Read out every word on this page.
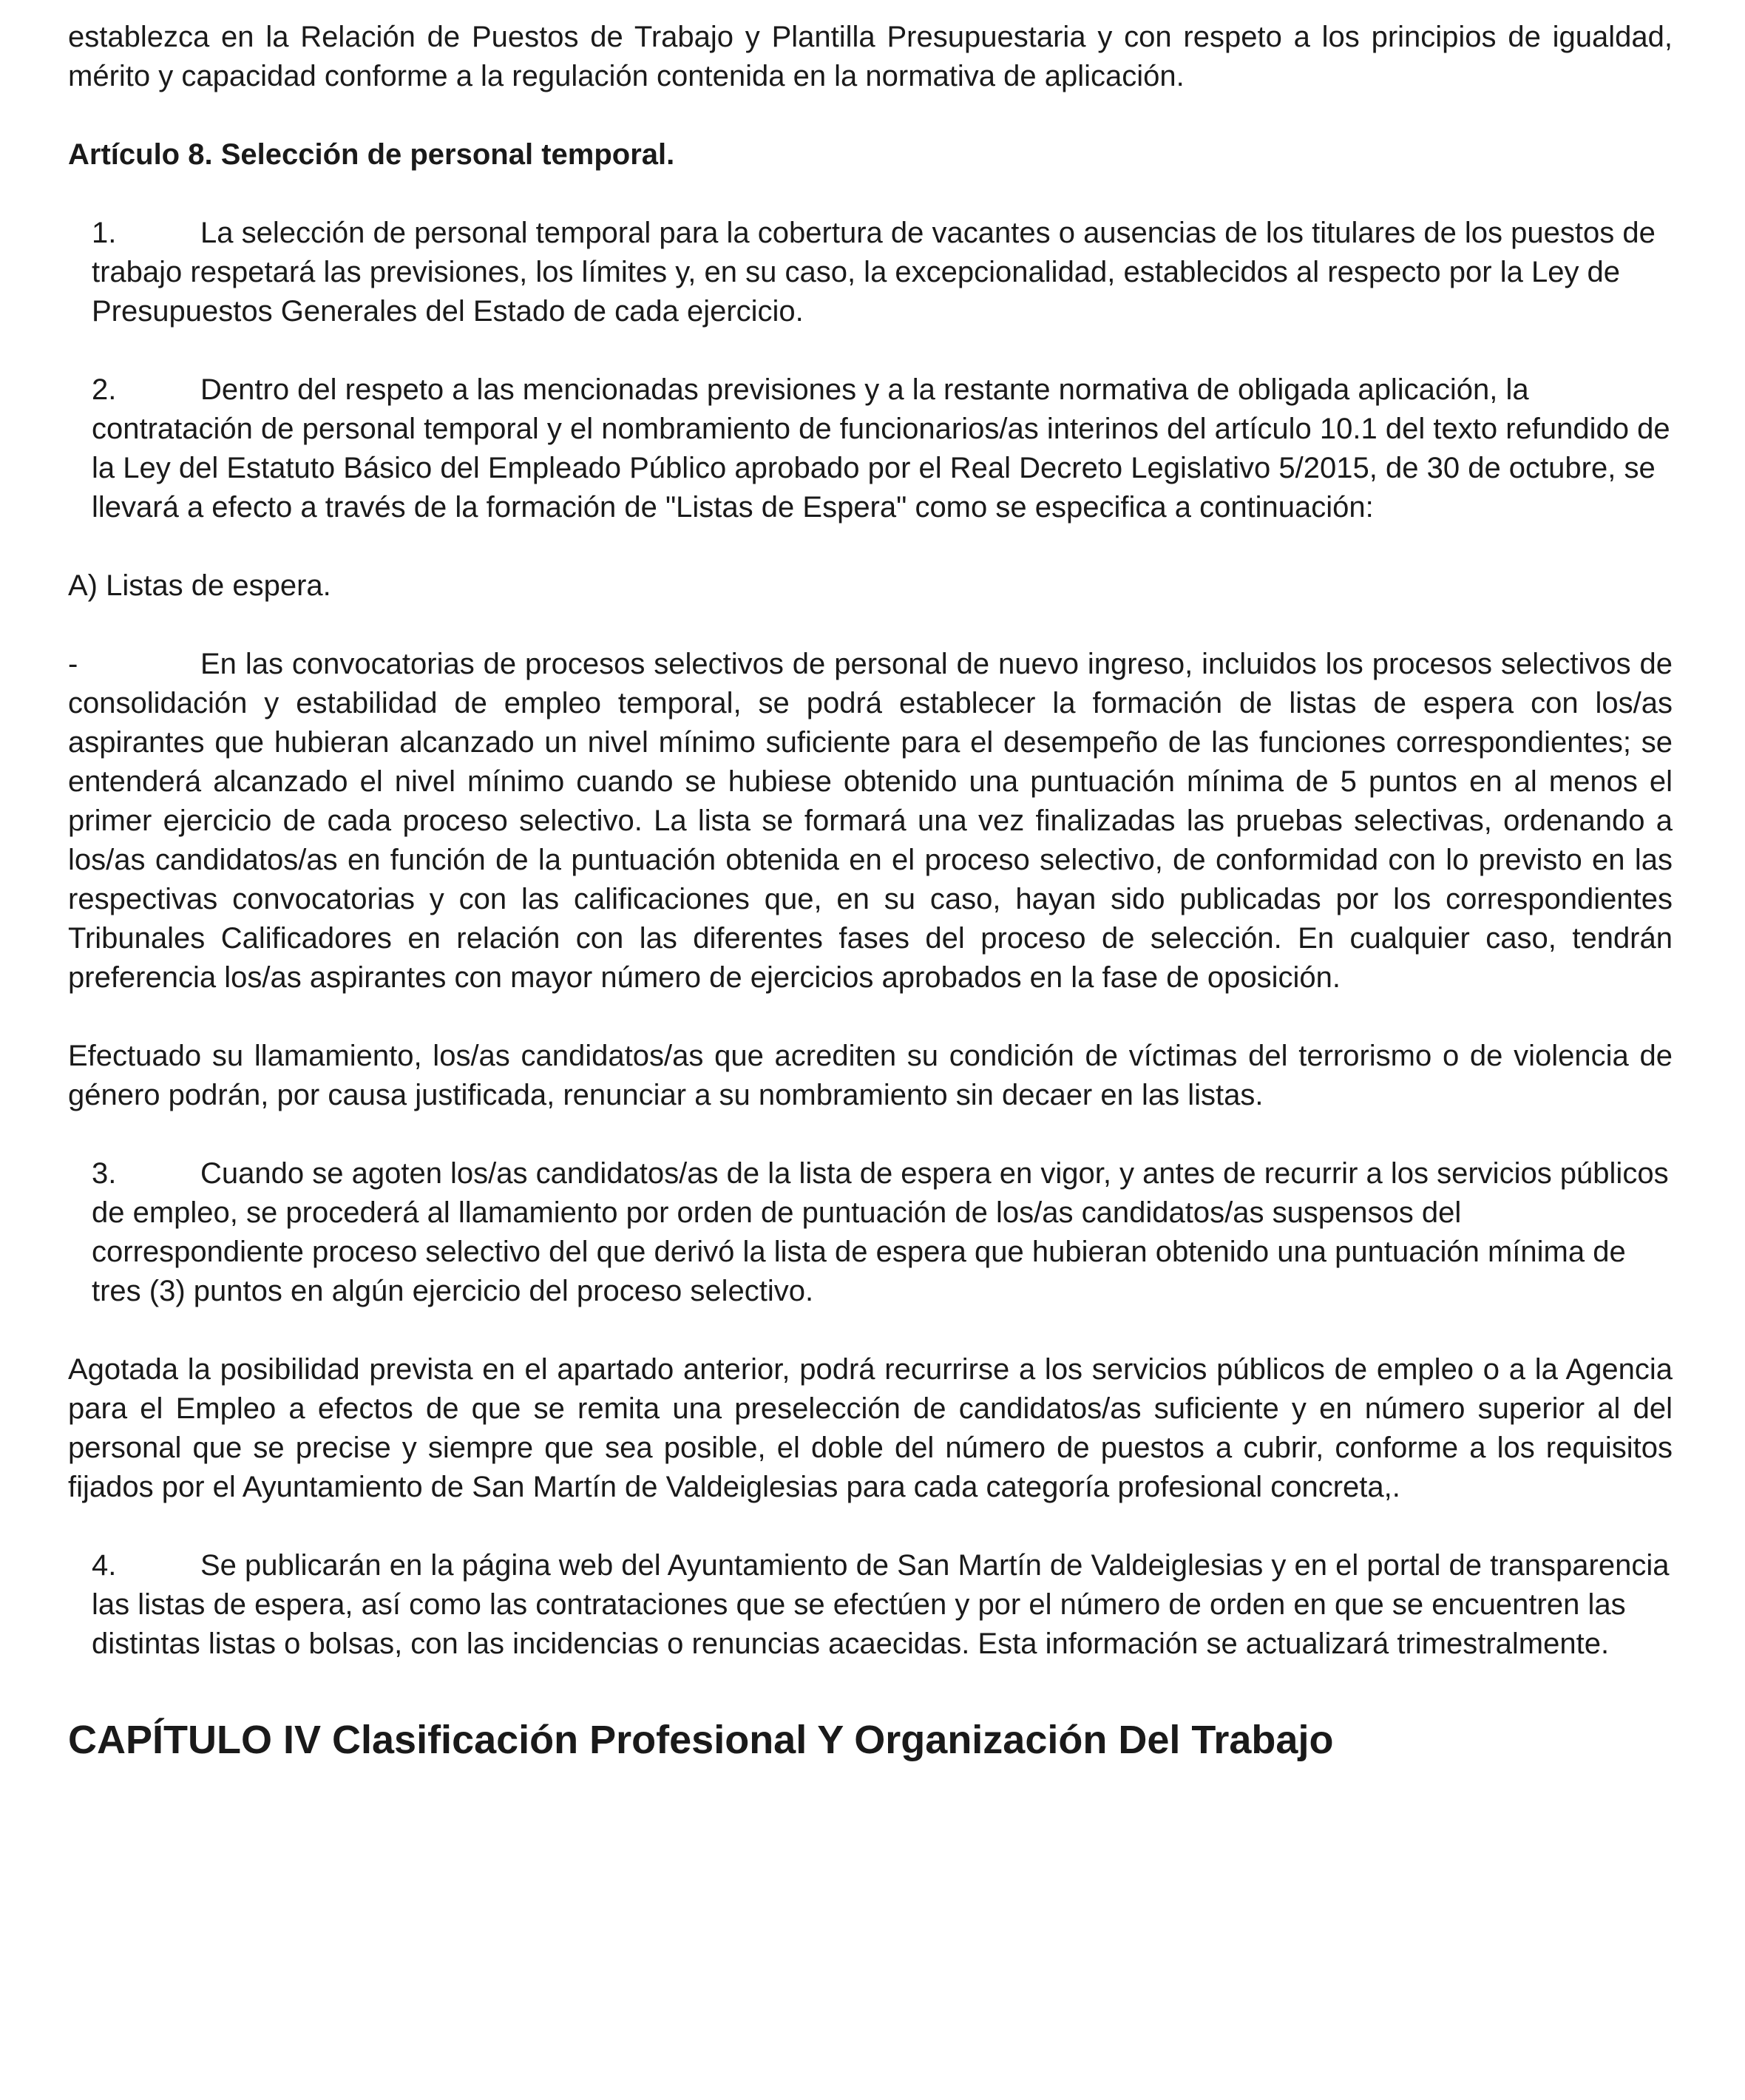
establezca en la Relación de Puestos de Trabajo y Plantilla Presupuestaria y con respeto a los principios de igualdad, mérito y capacidad conforme a la regulación contenida en la normativa de aplicación.

Artículo 8. Selección de personal temporal.

1.	La selección de personal temporal para la cobertura de vacantes o ausencias de los titulares de los puestos de trabajo respetará las previsiones, los límites y, en su caso, la excepcionalidad, establecidos al respecto por la Ley de Presupuestos Generales del Estado de cada ejercicio.

2.	Dentro del respeto a las mencionadas previsiones y a la restante normativa de obligada aplicación, la contratación de personal temporal y el nombramiento de funcionarios/as interinos del artículo 10.1 del texto refundido de la Ley del Estatuto Básico del Empleado Público aprobado por el Real Decreto Legislativo 5/2015, de 30 de octubre, se llevará a efecto a través de la formación de "Listas de Espera" como se especifica a continuación:

A) Listas de espera.

-	En las convocatorias de procesos selectivos de personal de nuevo ingreso, incluidos los procesos selectivos de consolidación y estabilidad de empleo temporal, se podrá establecer la formación de listas de espera con los/as aspirantes que hubieran alcanzado un nivel mínimo suficiente para el desempeño de las funciones correspondientes; se entenderá alcanzado el nivel mínimo cuando se hubiese obtenido una puntuación mínima de 5 puntos en al menos el primer ejercicio de cada proceso selectivo. La lista se formará una vez finalizadas las pruebas selectivas, ordenando a los/as candidatos/as en función de la puntuación obtenida en el proceso selectivo, de conformidad con lo previsto en las respectivas convocatorias y con las calificaciones que, en su caso, hayan sido publicadas por los correspondientes Tribunales Calificadores en relación con las diferentes fases del proceso de selección. En cualquier caso, tendrán preferencia los/as aspirantes con mayor número de ejercicios aprobados en la fase de oposición.

Efectuado su llamamiento, los/as candidatos/as que acrediten su condición de víctimas del terrorismo o de violencia de género podrán, por causa justificada, renunciar a su nombramiento sin decaer en las listas.

3.	Cuando se agoten los/as candidatos/as de la lista de espera en vigor, y antes de recurrir a los servicios públicos de empleo, se procederá al llamamiento por orden de puntuación de los/as candidatos/as suspensos del correspondiente proceso selectivo del que derivó la lista de espera que hubieran obtenido una puntuación mínima de tres (3) puntos en algún ejercicio del proceso selectivo.

Agotada la posibilidad prevista en el apartado anterior, podrá recurrirse a los servicios públicos de empleo o a la Agencia para el Empleo a efectos de que se remita una preselección de candidatos/as suficiente y en número superior al del personal que se precise y siempre que sea posible, el doble del número de puestos a cubrir, conforme a los requisitos fijados por el Ayuntamiento de San Martín de Valdeiglesias para cada categoría profesional concreta,.

4.	Se publicarán en la página web del Ayuntamiento de San Martín de Valdeiglesias y en el portal de transparencia las listas de espera, así como las contrataciones que se efectúen y por el número de orden en que se encuentren las distintas listas o bolsas, con las incidencias o renuncias acaecidas. Esta información se actualizará trimestralmente.

CAPÍTULO IV Clasificación Profesional Y Organización Del Trabajo
